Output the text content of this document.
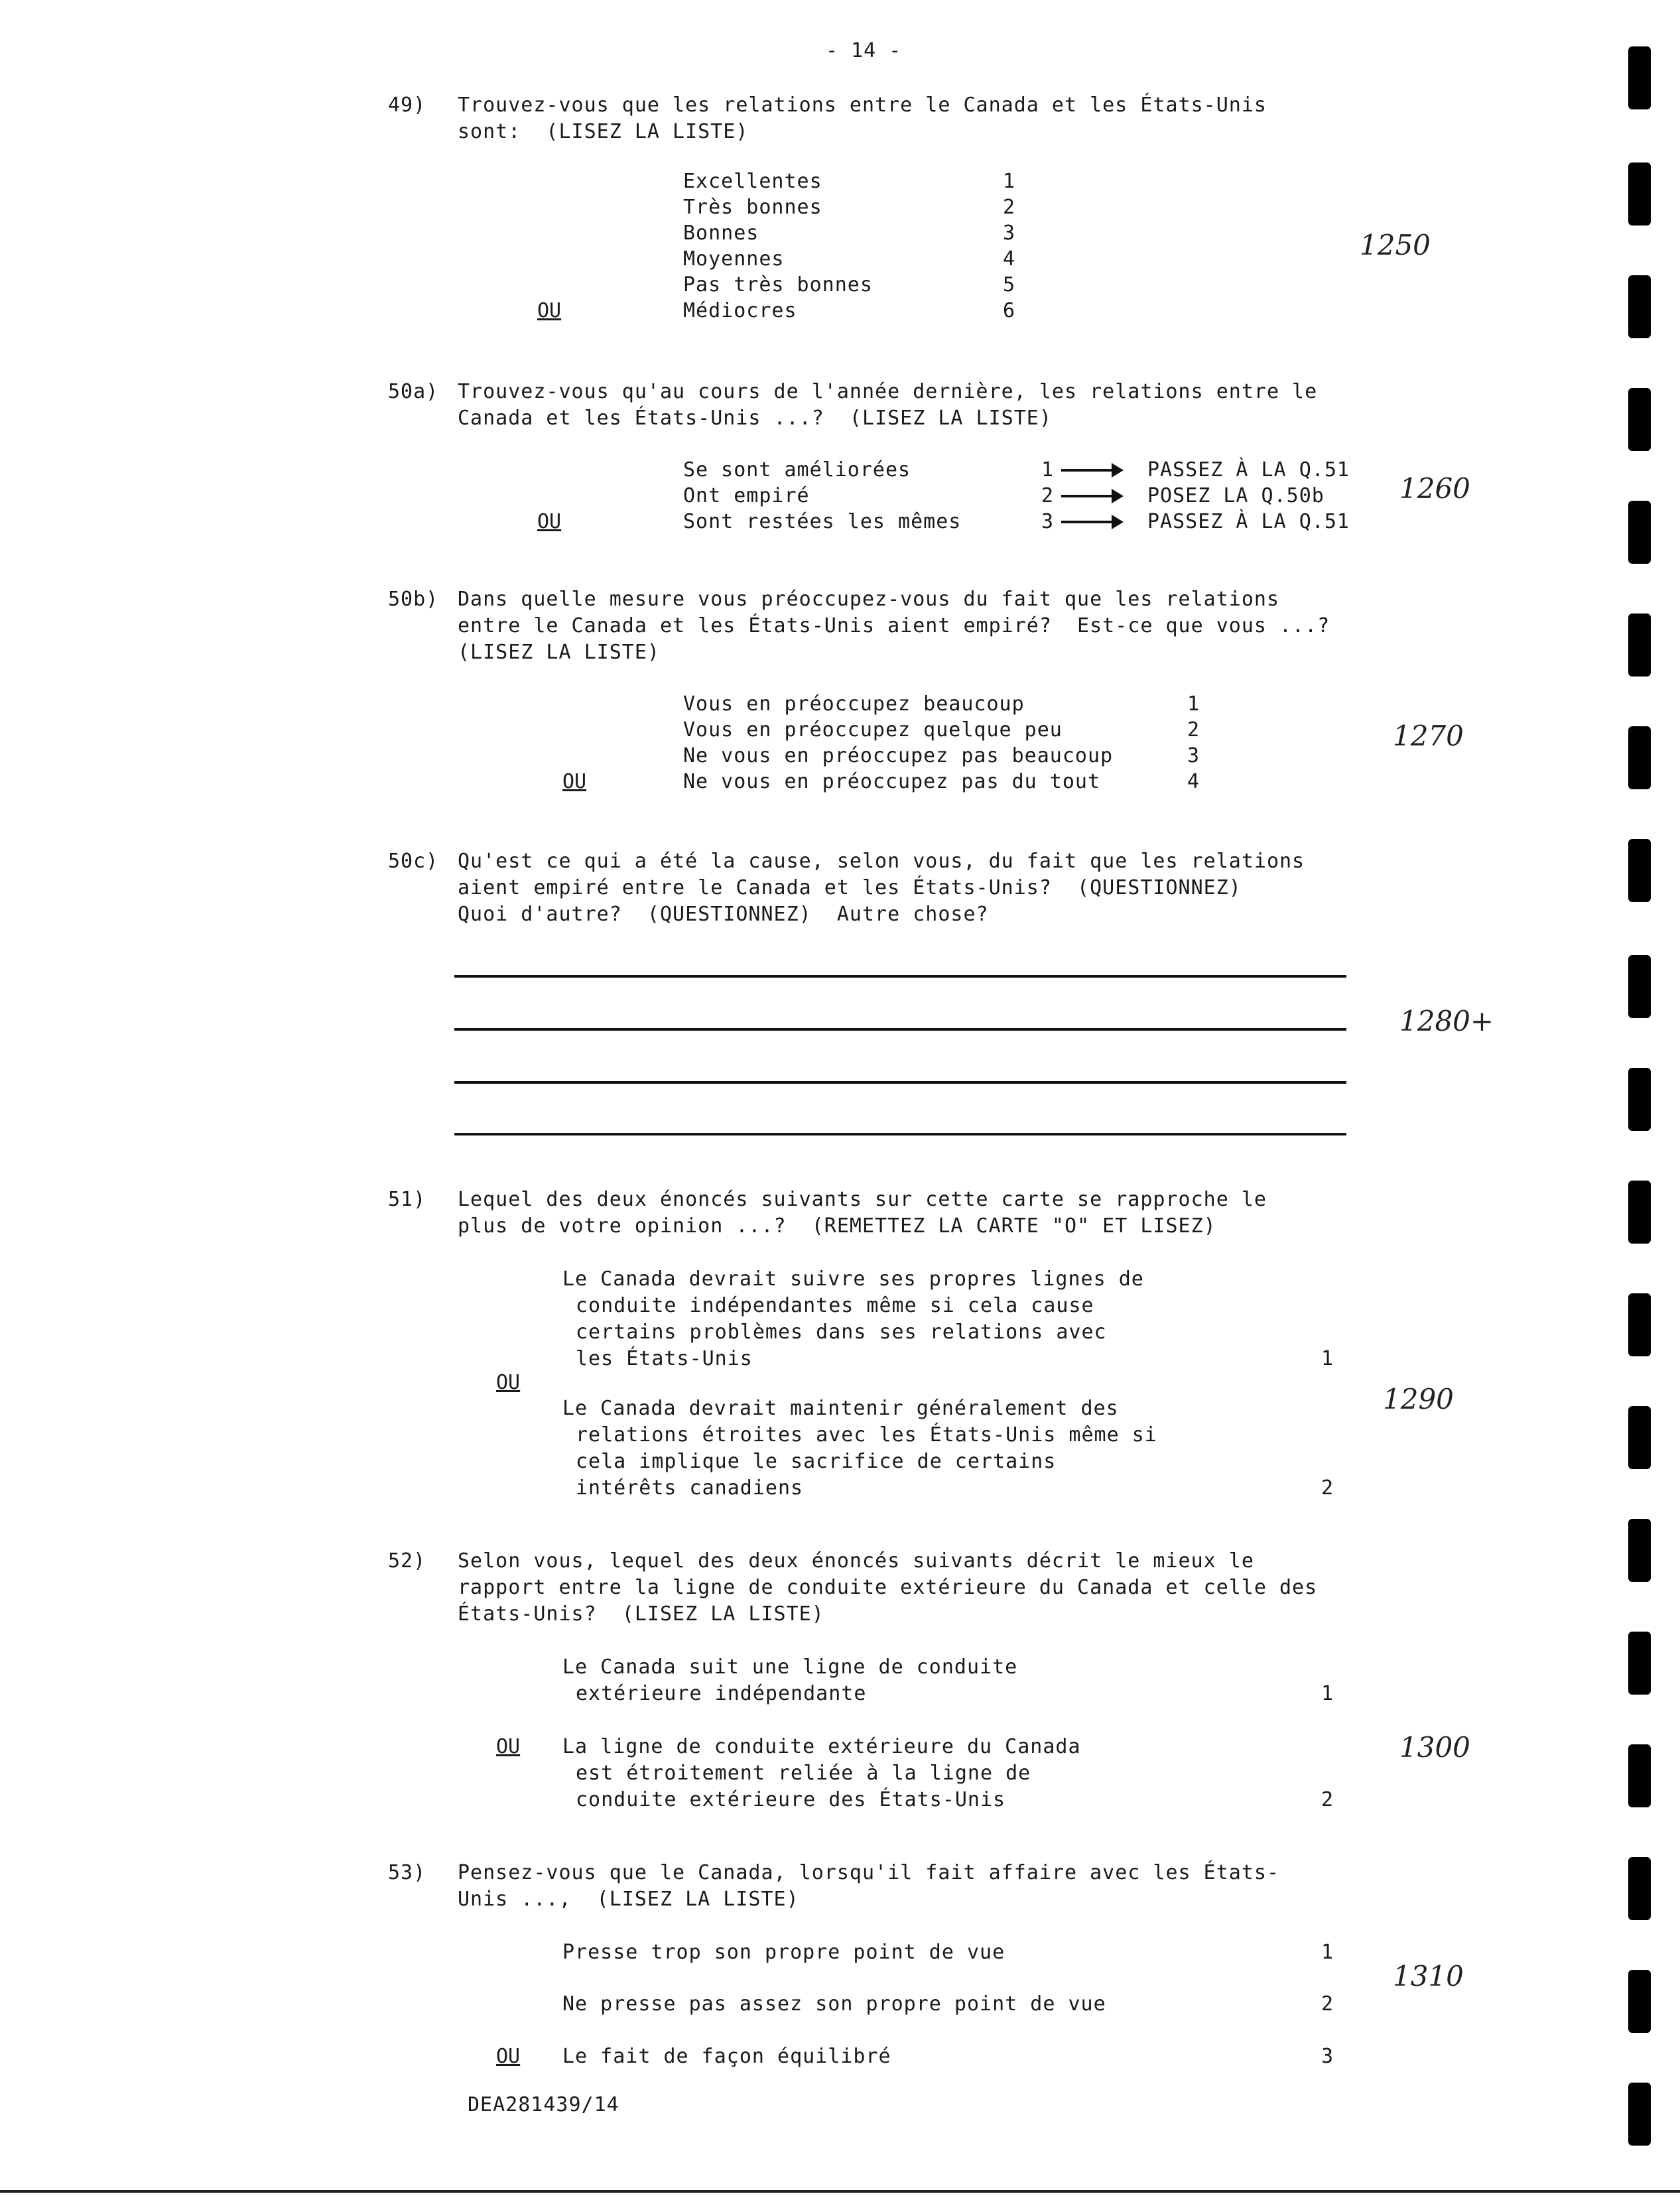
- 14 -
49) Trouvez-vous que les relations entre le Canada et les États-Unis
sont:  (LISEZ LA LISTE)
Excellentes	1
Très bonnes	2
Bonnes	3
Moyennes	4
Pas très bonnes	5
OU	Médiocres	6
1250
50a) Trouvez-vous qu'au cours de l'année dernière, les relations entre le
Canada et les États-Unis ...?  (LISEZ LA LISTE)
Se sont améliorées	1	PASSEZ À LA Q.51
Ont empiré	2	POSEZ LA Q.50b
OU	Sont restées les mêmes	3	PASSEZ À LA Q.51
1260
50b) Dans quelle mesure vous préoccupez-vous du fait que les relations
entre le Canada et les États-Unis aient empiré?  Est-ce que vous ...?
(LISEZ LA LISTE)
Vous en préoccupez beaucoup	1
Vous en préoccupez quelque peu	2
Ne vous en préoccupez pas beaucoup	3
OU	Ne vous en préoccupez pas du tout	4
1270
50c) Qu'est ce qui a été la cause, selon vous, du fait que les relations
aient empiré entre le Canada et les États-Unis?  (QUESTIONNEZ)
Quoi d'autre?  (QUESTIONNEZ)  Autre chose?
1280+
51) Lequel des deux énoncés suivants sur cette carte se rapproche le
plus de votre opinion ...?  (REMETTEZ LA CARTE "O" ET LISEZ)
Le Canada devrait suivre ses propres lignes de
conduite indépendantes même si cela cause
certains problèmes dans ses relations avec
les États-Unis	1
OU
Le Canada devrait maintenir généralement des
relations étroites avec les États-Unis même si
cela implique le sacrifice de certains
intérêts canadiens	2
1290
52) Selon vous, lequel des deux énoncés suivants décrit le mieux le
rapport entre la ligne de conduite extérieure du Canada et celle des
États-Unis?  (LISEZ LA LISTE)
Le Canada suit une ligne de conduite
extérieure indépendante	1
OU La ligne de conduite extérieure du Canada
est étroitement reliée à la ligne de
conduite extérieure des États-Unis	2
1300
53) Pensez-vous que le Canada, lorsqu'il fait affaire avec les États-
Unis ...,  (LISEZ LA LISTE)
Presse trop son propre point de vue	1
Ne presse pas assez son propre point de vue	2
OU Le fait de façon équilibré	3
1310
DEA281439/14
